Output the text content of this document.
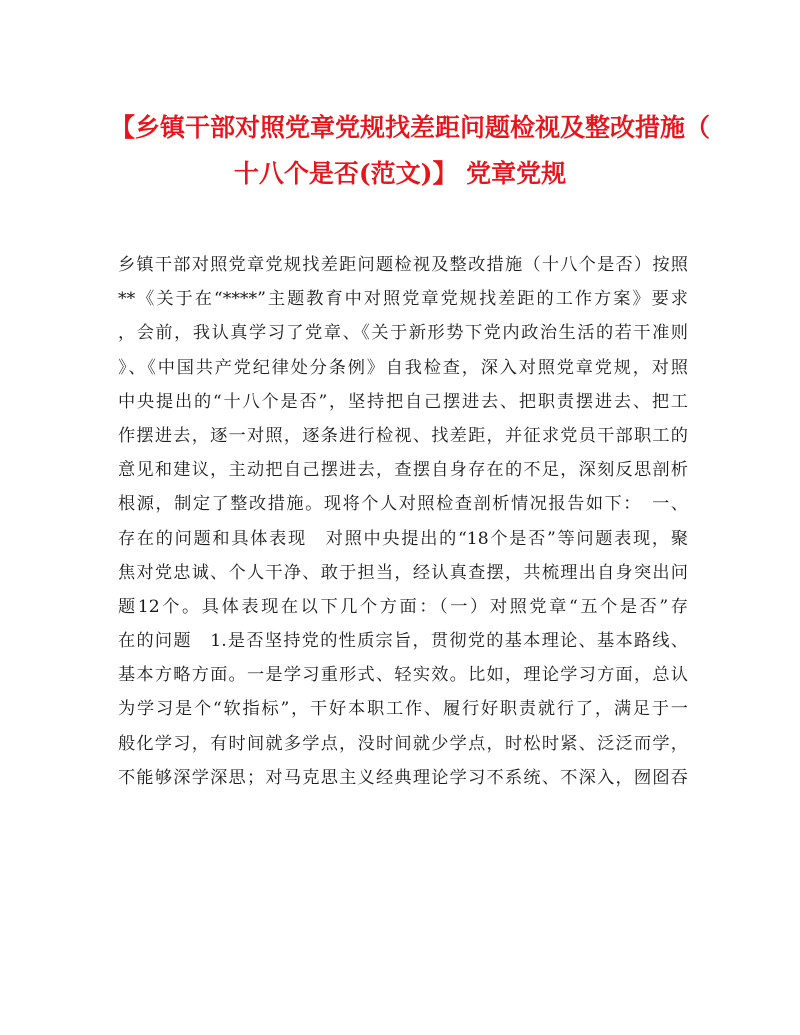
【乡镇干部对照党章党规找差距问题检视及整改措施（
十八个是否(范文)】 党章党规
乡镇干部对照党章党规找差距问题检视及整改措施（十八个是否）按照
**《关于在“****”主题教育中对照党章党规找差距的工作方案》要求
，会前，我认真学习了党章、《关于新形势下党内政治生活的若干准则
》、《中国共产党纪律处分条例》自我检查，深入对照党章党规，对照
中央提出的“十八个是否”，坚持把自己摆进去、把职责摆进去、把工
作摆进去，逐一对照，逐条进行检视、找差距，并征求党员干部职工的
意见和建议，主动把自己摆进去，查摆自身存在的不足，深刻反思剖析
根源，制定了整改措施。现将个人对照检查剖析情况报告如下：　一、
存在的问题和具体表现　对照中央提出的“18个是否”等问题表现，聚
焦对党忠诚、个人干净、敢于担当，经认真查摆，共梳理出自身突出问
题12个。具体表现在以下几个方面：（一）对照党章“五个是否”存
在的问题　1.是否坚持党的性质宗旨，贯彻党的基本理论、基本路线、
基本方略方面。一是学习重形式、轻实效。比如，理论学习方面，总认
为学习是个“软指标”，干好本职工作、履行好职责就行了，满足于一
般化学习，有时间就多学点，没时间就少学点，时松时紧、泛泛而学，
不能够深学深思；对马克思主义经典理论学习不系统、不深入，囫囵吞
